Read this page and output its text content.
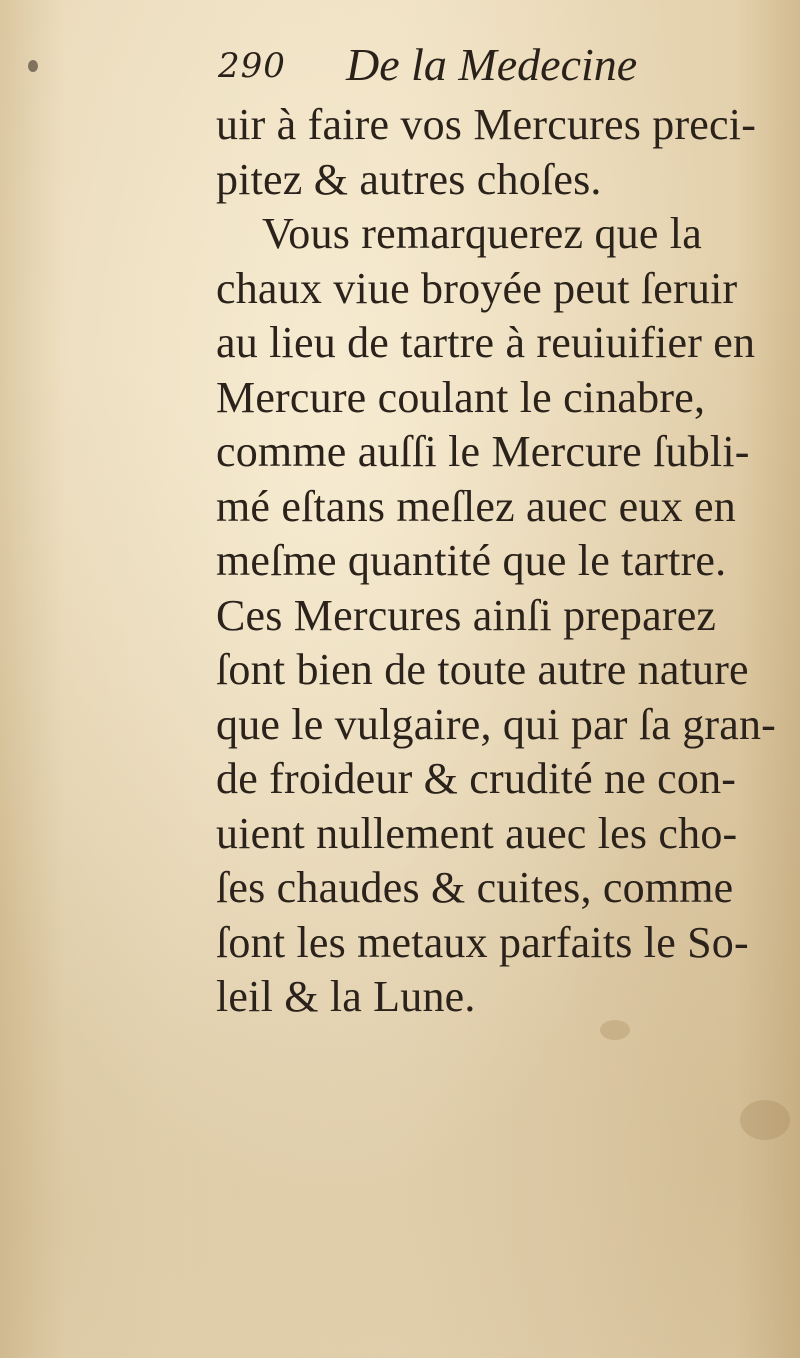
290 De la Medecine
uir à faire vos Mercures preci-
pitez & autres choſes.
Vous remarquerez que la
chaux viue broyée peut ſeruir
au lieu de tartre à reuiuifier en
Mercure coulant le cinabre,
comme auſſi le Mercure ſubli-
mé eſtans meſlez auec eux en
meſme quantité que le tartre.
Ces Mercures ainſi preparez
ſont bien de toute autre nature
que le vulgaire, qui par ſa gran-
de froideur & crudité ne con-
uient nullement auec les cho-
ſes chaudes & cuites, comme
ſont les metaux parfaits le So-
leil & la Lune.
